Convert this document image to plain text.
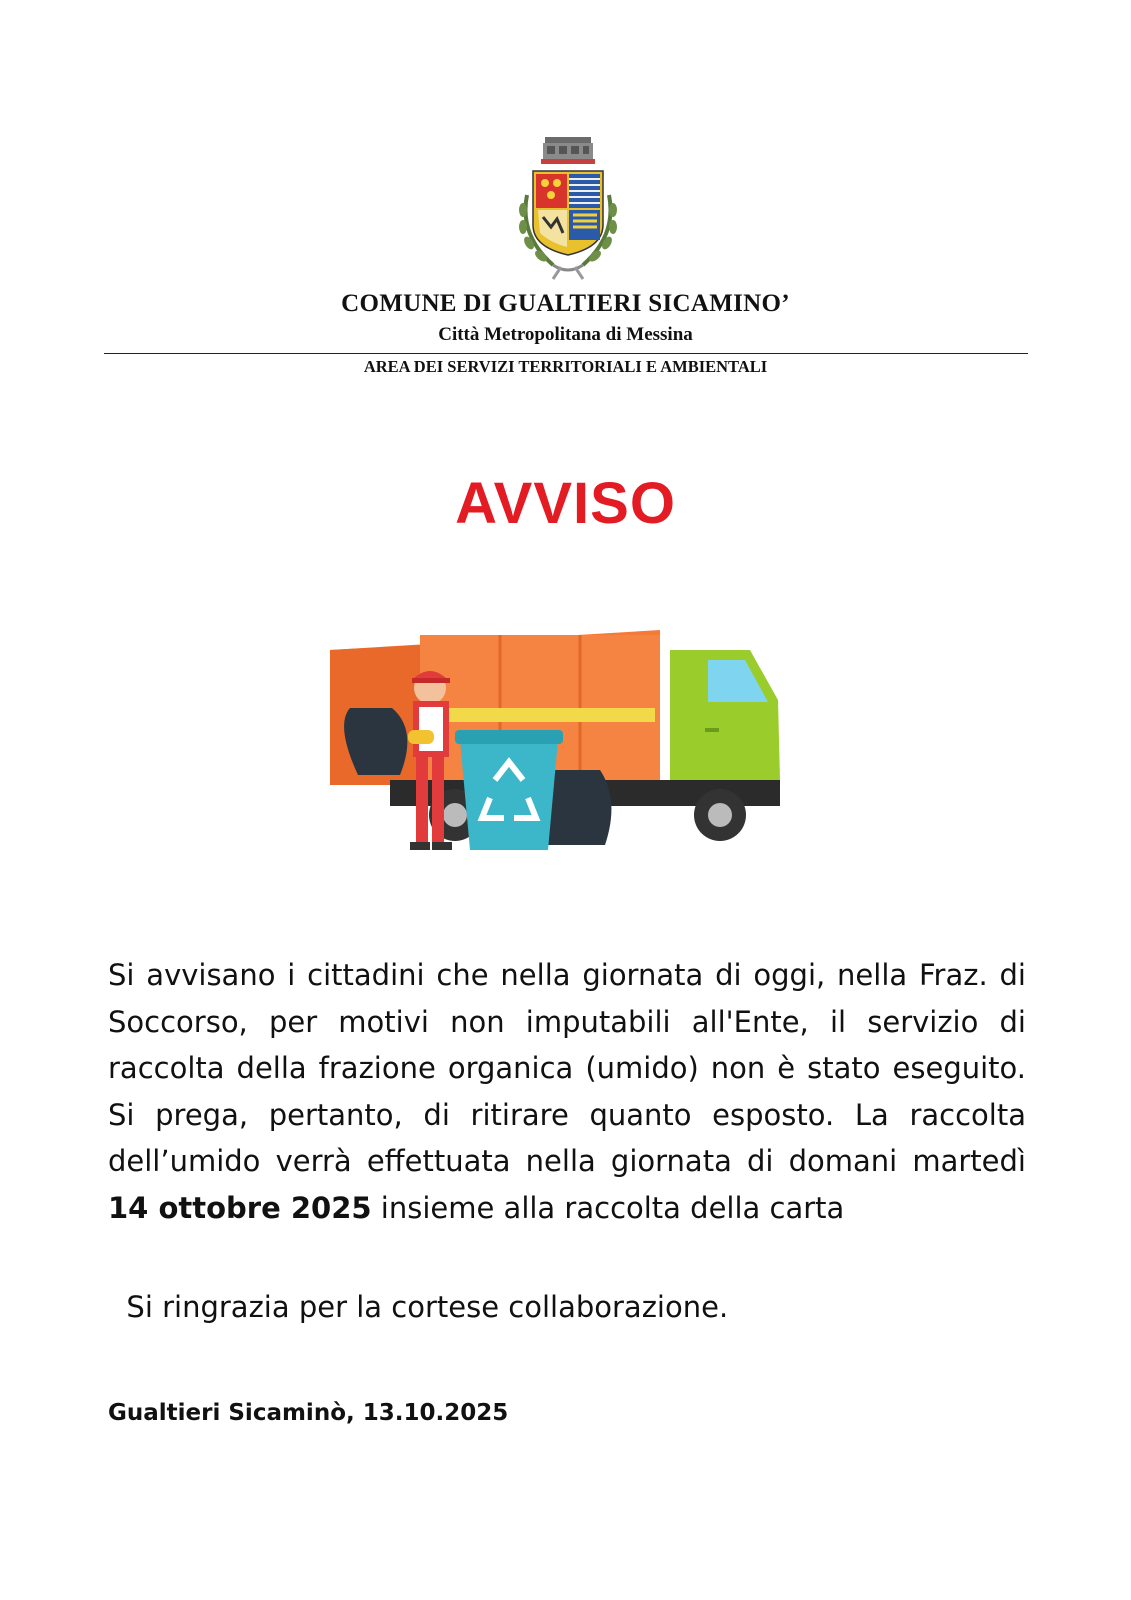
COMUNE DI GUALTIERI SICAMINO’
Città Metropolitana di Messina
AREA DEI SERVIZI TERRITORIALI E AMBIENTALI
AVVISO
Si avvisano i cittadini che nella giornata di oggi, nella Fraz. di Soccorso, per motivi non imputabili all'Ente, il servizio di raccolta della frazione organica (umido) non è stato eseguito. Si prega, pertanto, di ritirare quanto esposto. La raccolta dell’umido verrà effettuata nella giornata di domani martedì 14 ottobre 2025 insieme alla raccolta della carta
Si ringrazia per la cortese collaborazione.
Gualtieri Sicaminò, 13.10.2025
